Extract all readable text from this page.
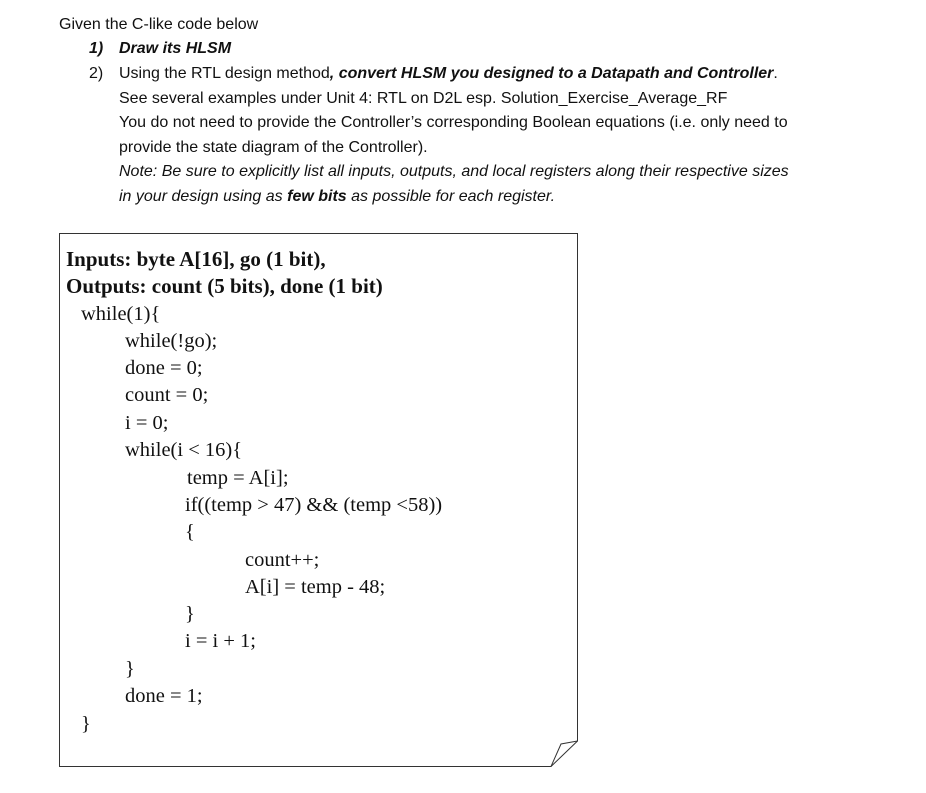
Given the C-like code below
1) Draw its HLSM
2) Using the RTL design method, convert HLSM you designed to a Datapath and Controller.
See several examples under Unit 4: RTL on D2L esp. Solution_Exercise_Average_RF
You do not need to provide the Controller’s corresponding Boolean equations (i.e. only need to
provide the state diagram of the Controller).
Note: Be sure to explicitly list all inputs, outputs, and local registers along their respective sizes
in your design using as few bits as possible for each register.
Inputs: byte A[16], go (1 bit),
Outputs: count (5 bits), done (1 bit)
while(1){
while(!go);
done = 0;
count = 0;
i = 0;
while(i < 16){
temp = A[i];
if((temp > 47) && (temp <58))
{
count++;
A[i] = temp - 48;
}
i = i + 1;
}
done = 1;
}
